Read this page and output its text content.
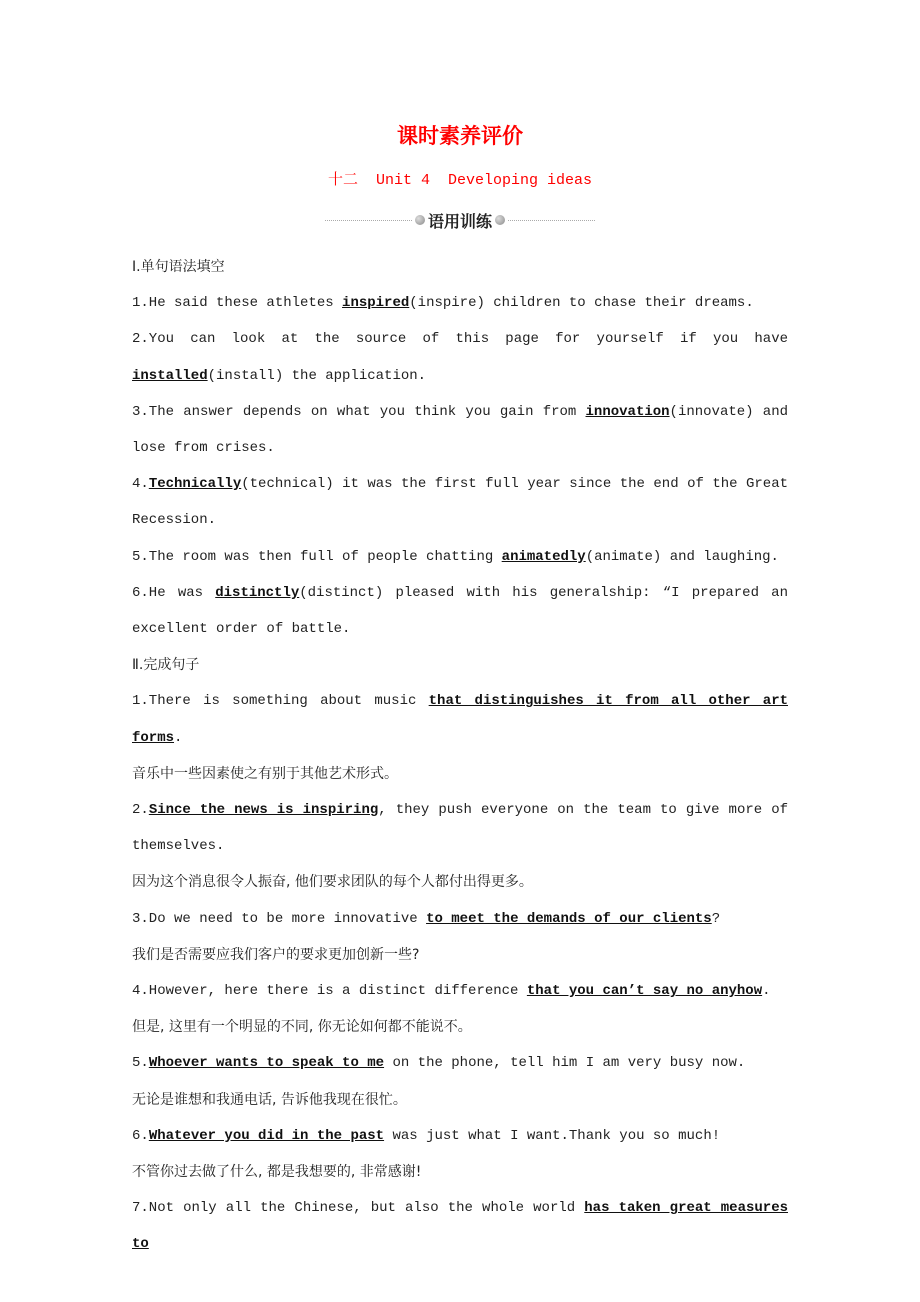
课时素养评价
十二  Unit 4  Developing ideas
语用训练

Ⅰ.单句语法填空

1.He said these athletes inspired(inspire) children to chase their dreams.

2.You can look at the source of this page for yourself if you have installed(install) the application.

3.The answer depends on what you think you gain from innovation(innovate) and lose from crises.

4.Technically(technical) it was the first full year since the end of the Great Recession.

5.The room was then full of people chatting animatedly(animate) and laughing.

6.He was distinctly(distinct) pleased with his generalship: “I prepared an excellent order of battle.

Ⅱ.完成句子

1.There is something about music that distinguishes it from all other art forms.

音乐中一些因素使之有别于其他艺术形式。

2.Since the news is inspiring, they push everyone on the team to give more of themselves.

因为这个消息很令人振奋, 他们要求团队的每个人都付出得更多。

3.Do we need to be more innovative to meet the demands of our clients?

我们是否需要应我们客户的要求更加创新一些?

4.However, here there is a distinct difference that you can’t say no anyhow.

但是, 这里有一个明显的不同, 你无论如何都不能说不。

5.Whoever wants to speak to me on the phone, tell him I am very busy now.

无论是谁想和我通电话, 告诉他我现在很忙。

6.Whatever you did in the past was just what I want.Thank you so much!

不管你过去做了什么, 都是我想要的, 非常感谢!

7.Not only all the Chinese, but also the whole world has taken great measures to
